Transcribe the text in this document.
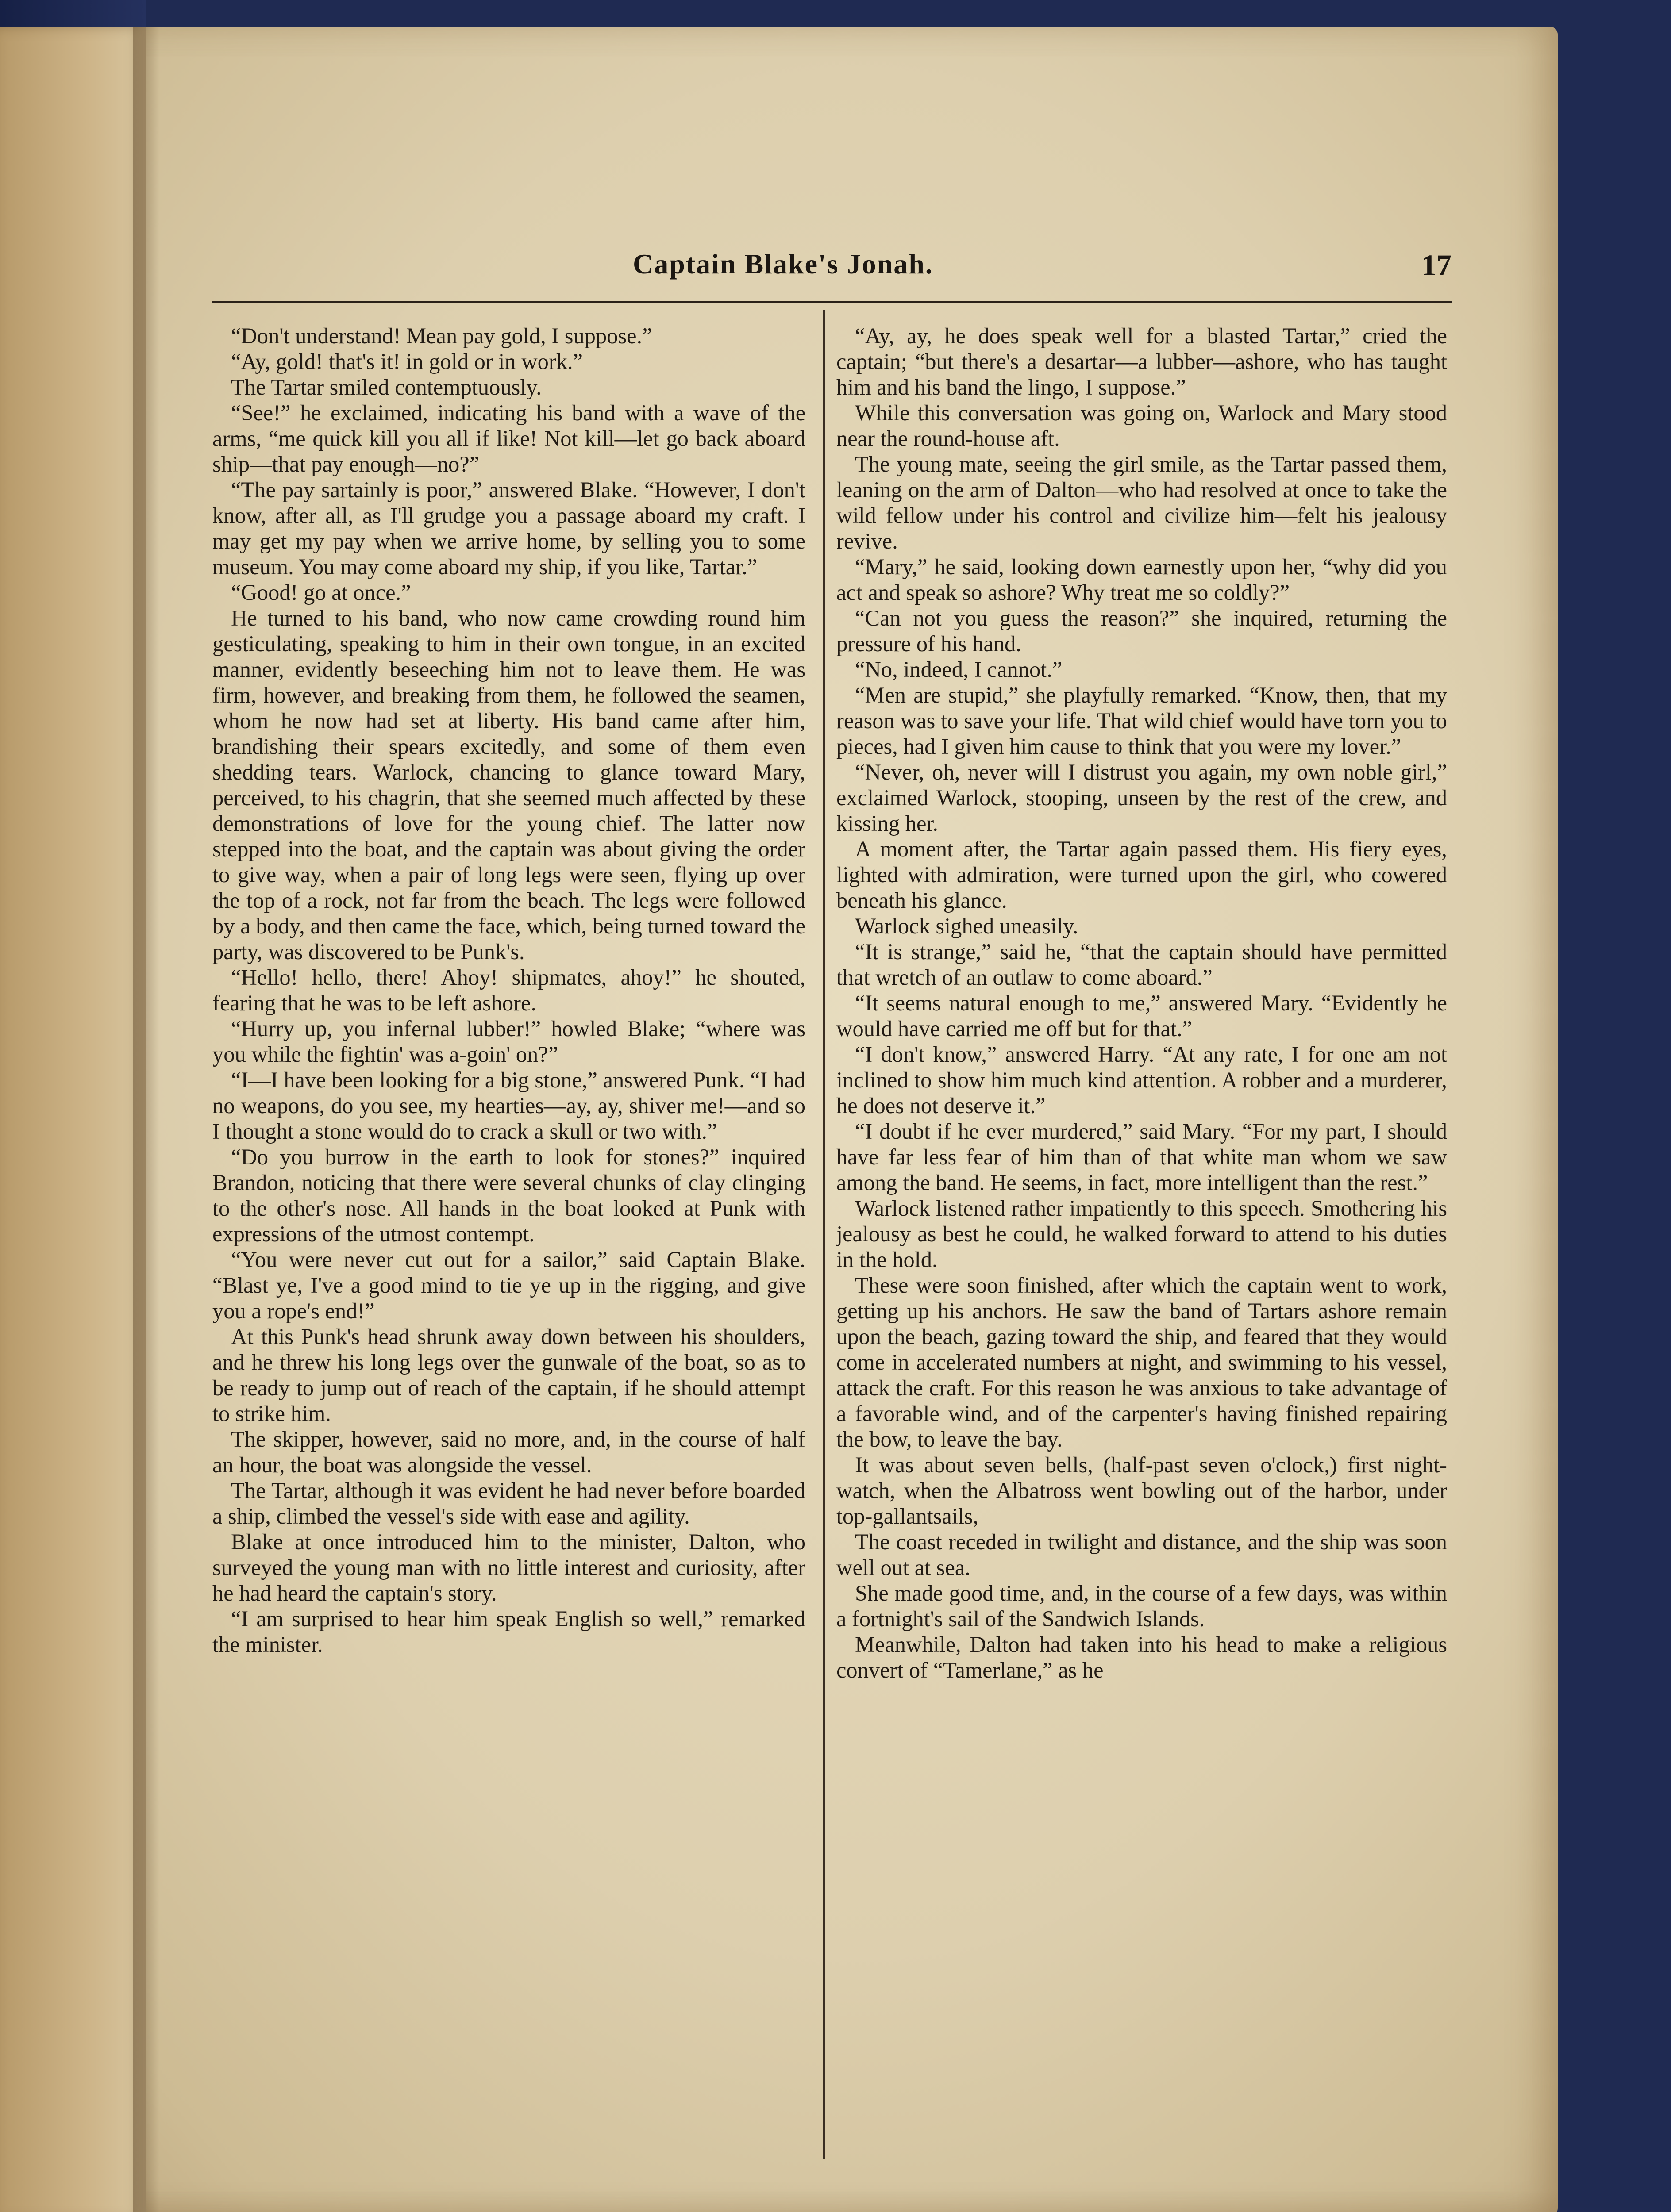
Captain Blake's Jonah.	17

“Don't understand! Mean pay gold, I suppose.”

“Ay, gold! that's it! in gold or in work.”

The Tartar smiled contemptuously.

“See!” he exclaimed, indicating his band with a wave of the arms, “me quick kill you all if like! Not kill—let go back aboard ship—that pay enough—no?”

“The pay sartainly is poor,” answered Blake. “However, I don't know, after all, as I'll grudge you a passage aboard my craft. I may get my pay when we arrive home, by selling you to some museum. You may come aboard my ship, if you like, Tartar.”

“Good! go at once.”

He turned to his band, who now came crowding round him gesticulating, speaking to him in their own tongue, in an excited manner, evidently beseeching him not to leave them. He was firm, however, and breaking from them, he followed the seamen, whom he now had set at liberty. His band came after him, brandishing their spears excitedly, and some of them even shedding tears. Warlock, chancing to glance toward Mary, perceived, to his chagrin, that she seemed much affected by these demonstrations of love for the young chief. The latter now stepped into the boat, and the captain was about giving the order to give way, when a pair of long legs were seen, flying up over the top of a rock, not far from the beach. The legs were followed by a body, and then came the face, which, being turned toward the party, was discovered to be Punk's.

“Hello! hello, there! Ahoy! shipmates, ahoy!” he shouted, fearing that he was to be left ashore.

“Hurry up, you infernal lubber!” howled Blake; “where was you while the fightin' was a-goin' on?”

“I—I have been looking for a big stone,” answered Punk. “I had no weapons, do you see, my hearties—ay, ay, shiver me!—and so I thought a stone would do to crack a skull or two with.”

“Do you burrow in the earth to look for stones?” inquired Brandon, noticing that there were several chunks of clay clinging to the other's nose. All hands in the boat looked at Punk with expressions of the utmost contempt.

“You were never cut out for a sailor,” said Captain Blake. “Blast ye, I've a good mind to tie ye up in the rigging, and give you a rope's end!”

At this Punk's head shrunk away down between his shoulders, and he threw his long legs over the gunwale of the boat, so as to be ready to jump out of reach of the captain, if he should attempt to strike him.

The skipper, however, said no more, and, in the course of half an hour, the boat was alongside the vessel.

The Tartar, although it was evident he had never before boarded a ship, climbed the vessel's side with ease and agility.

Blake at once introduced him to the minister, Dalton, who surveyed the young man with no little interest and curiosity, after he had heard the captain's story.

“I am surprised to hear him speak English so well,” remarked the minister.

“Ay, ay, he does speak well for a blasted Tartar,” cried the captain; “but there's a desartar—a lubber—ashore, who has taught him and his band the lingo, I suppose.”

While this conversation was going on, Warlock and Mary stood near the round-house aft.

The young mate, seeing the girl smile, as the Tartar passed them, leaning on the arm of Dalton—who had resolved at once to take the wild fellow under his control and civilize him—felt his jealousy revive.

“Mary,” he said, looking down earnestly upon her, “why did you act and speak so ashore? Why treat me so coldly?”

“Can not you guess the reason?” she inquired, returning the pressure of his hand.

“No, indeed, I cannot.”

“Men are stupid,” she playfully remarked. “Know, then, that my reason was to save your life. That wild chief would have torn you to pieces, had I given him cause to think that you were my lover.”

“Never, oh, never will I distrust you again, my own noble girl,” exclaimed Warlock, stooping, unseen by the rest of the crew, and kissing her.

A moment after, the Tartar again passed them. His fiery eyes, lighted with admiration, were turned upon the girl, who cowered beneath his glance.

Warlock sighed uneasily.

“It is strange,” said he, “that the captain should have permitted that wretch of an outlaw to come aboard.”

“It seems natural enough to me,” answered Mary. “Evidently he would have carried me off but for that.”

“I don't know,” answered Harry. “At any rate, I for one am not inclined to show him much kind attention. A robber and a murderer, he does not deserve it.”

“I doubt if he ever murdered,” said Mary. “For my part, I should have far less fear of him than of that white man whom we saw among the band. He seems, in fact, more intelligent than the rest.”

Warlock listened rather impatiently to this speech. Smothering his jealousy as best he could, he walked forward to attend to his duties in the hold.

These were soon finished, after which the captain went to work, getting up his anchors. He saw the band of Tartars ashore remain upon the beach, gazing toward the ship, and feared that they would come in accelerated numbers at night, and swimming to his vessel, attack the craft. For this reason he was anxious to take advantage of a favorable wind, and of the carpenter's having finished repairing the bow, to leave the bay.

It was about seven bells, (half-past seven o'clock,) first night-watch, when the Albatross went bowling out of the harbor, under top-gallantsails,

The coast receded in twilight and distance, and the ship was soon well out at sea.

She made good time, and, in the course of a few days, was within a fortnight's sail of the Sandwich Islands.

Meanwhile, Dalton had taken into his head to make a religious convert of “Tamerlane,” as he
